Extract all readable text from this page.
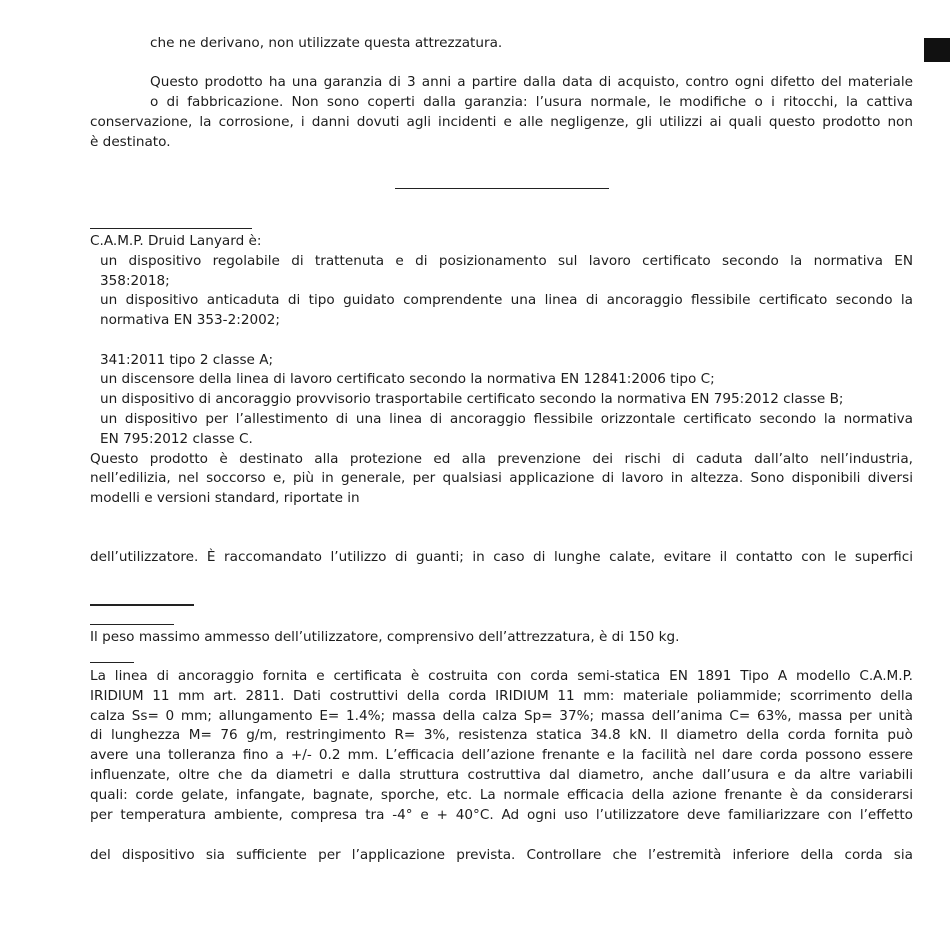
che ne derivano, non utilizzate questa attrezzatura.
Questo prodotto ha una garanzia di 3 anni a partire dalla data di acquisto, contro ogni difetto del materiale
o di fabbricazione. Non sono coperti dalla garanzia: l’usura normale, le modifiche o i ritocchi, la cattiva
conservazione, la corrosione, i danni dovuti agli incidenti e alle negligenze, gli utilizzi ai quali questo prodotto non
è destinato.
C.A.M.P. Druid Lanyard è:
un dispositivo regolabile di trattenuta e di posizionamento sul lavoro certificato secondo la normativa EN
358:2018;
un dispositivo anticaduta di tipo guidato comprendente una linea di ancoraggio flessibile certificato secondo la
normativa EN 353-2:2002;
341:2011 tipo 2 classe A;
un discensore della linea di lavoro certificato secondo la normativa EN 12841:2006 tipo C;
un dispositivo di ancoraggio provvisorio trasportabile certificato secondo la normativa EN 795:2012 classe B;
un dispositivo per l’allestimento di una linea di ancoraggio flessibile orizzontale certificato secondo la normativa
EN 795:2012 classe C.
Questo prodotto è destinato alla protezione ed alla prevenzione dei rischi di caduta dall’alto nell’industria,
nell’edilizia, nel soccorso e, più in generale, per qualsiasi applicazione di lavoro in altezza. Sono disponibili diversi
modelli e versioni standard, riportate in
dell’utilizzatore. È raccomandato l’utilizzo di guanti; in caso di lunghe calate, evitare il contatto con le superfici
Il peso massimo ammesso dell’utilizzatore, comprensivo dell’attrezzatura, è di 150 kg.
La linea di ancoraggio fornita e certificata è costruita con corda semi-statica EN 1891 Tipo A modello C.A.M.P.
IRIDIUM 11 mm art. 2811. Dati costruttivi della corda IRIDIUM 11 mm: materiale poliammide; scorrimento della
calza Ss= 0 mm; allungamento E= 1.4%; massa della calza Sp= 37%; massa dell’anima C= 63%, massa per unità
di lunghezza M= 76 g/m, restringimento R= 3%, resistenza statica 34.8 kN. Il diametro della corda fornita può
avere una tolleranza fino a +/- 0.2 mm. L’efficacia dell’azione frenante e la facilità nel dare corda possono essere
influenzate, oltre che da diametri e dalla struttura costruttiva dal diametro, anche dall’usura e da altre variabili
quali: corde gelate, infangate, bagnate, sporche, etc. La normale efficacia della azione frenante è da considerarsi
per temperatura ambiente, compresa tra -4° e + 40°C. Ad ogni uso l’utilizzatore deve familiarizzare con l’effetto
del dispositivo sia sufficiente per l’applicazione prevista. Controllare che l’estremità inferiore della corda sia
